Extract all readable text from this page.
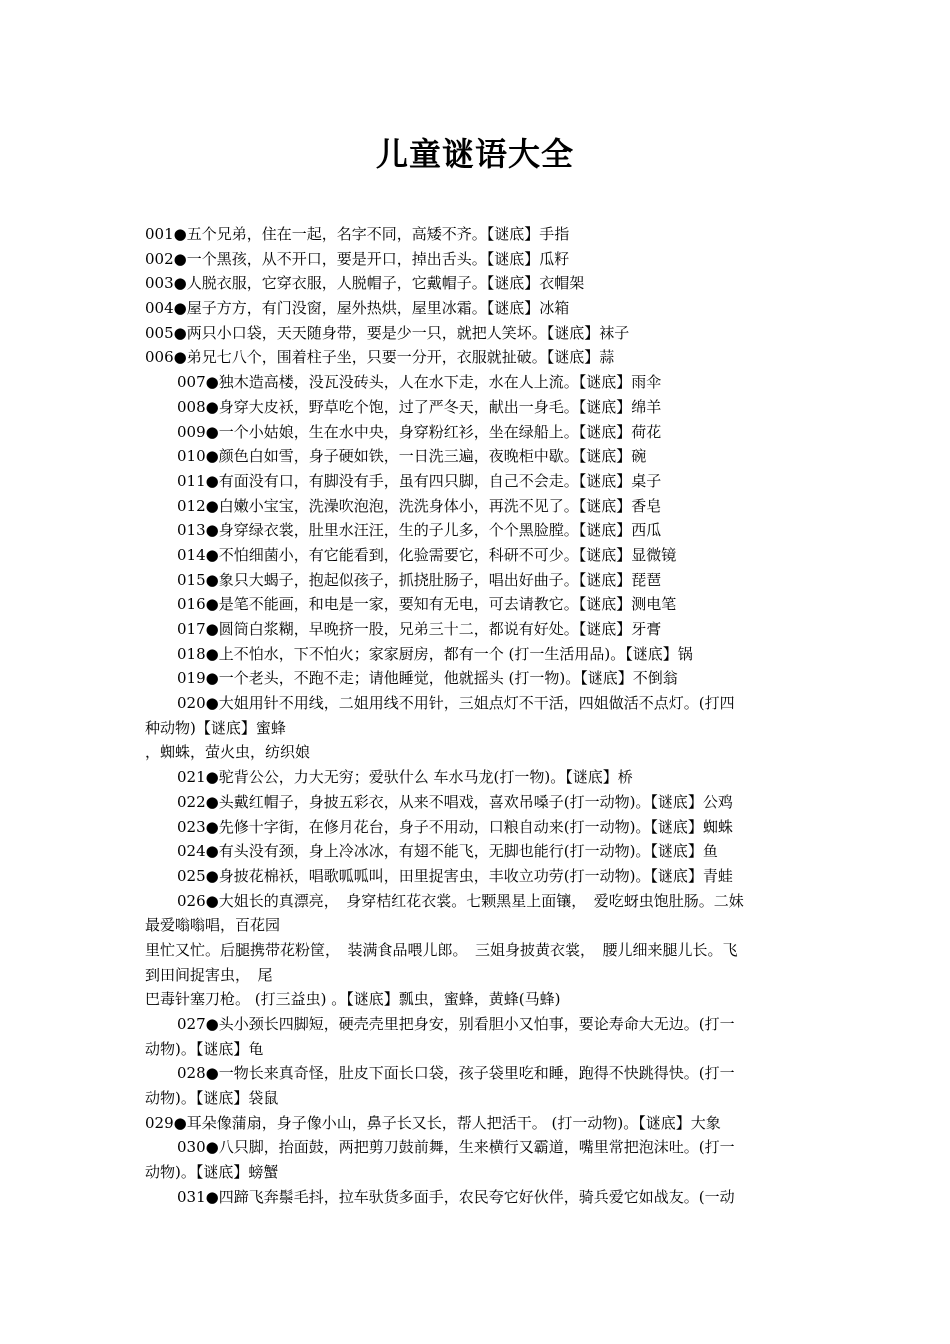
儿童谜语大全
001●五个兄弟，住在一起，名字不同，高矮不齐。【谜底】手指
002●一个黑孩，从不开口，要是开口，掉出舌头。【谜底】瓜籽
003●人脱衣服，它穿衣服，人脱帽子，它戴帽子。【谜底】衣帽架
004●屋子方方，有门没窗，屋外热烘，屋里冰霜。【谜底】冰箱
005●两只小口袋，天天随身带，要是少一只，就把人笑坏。【谜底】袜子
006●弟兄七八个，围着柱子坐，只要一分开，衣服就扯破。【谜底】蒜
007●独木造高楼，没瓦没砖头，人在水下走，水在人上流。【谜底】雨伞
008●身穿大皮袄，野草吃个饱，过了严冬天，献出一身毛。【谜底】绵羊
009●一个小姑娘，生在水中央，身穿粉红衫，坐在绿船上。【谜底】荷花
010●颜色白如雪，身子硬如铁，一日洗三遍，夜晚柜中歇。【谜底】碗
011●有面没有口，有脚没有手，虽有四只脚，自己不会走。【谜底】桌子
012●白嫩小宝宝，洗澡吹泡泡，洗洗身体小，再洗不见了。【谜底】香皂
013●身穿绿衣裳，肚里水汪汪，生的子儿多，个个黑脸膛。【谜底】西瓜
014●不怕细菌小，有它能看到，化验需要它，科研不可少。【谜底】显微镜
015●象只大蝎子，抱起似孩子，抓挠肚肠子，唱出好曲子。【谜底】琵琶
016●是笔不能画，和电是一家，要知有无电，可去请教它。【谜底】测电笔
017●圆筒白浆糊，早晚挤一股，兄弟三十二，都说有好处。【谜底】牙膏
018●上不怕水，下不怕火；家家厨房，都有一个 (打一生活用品)。【谜底】锅
019●一个老头，不跑不走；请他睡觉，他就摇头 (打一物)。【谜底】不倒翁
020●大姐用针不用线，二姐用线不用针，三姐点灯不干活，四姐做活不点灯。(打四
种动物)【谜底】蜜蜂
，蜘蛛，萤火虫，纺织娘
021●驼背公公，力大无穷；爱驮什么 车水马龙(打一物)。【谜底】桥
022●头戴红帽子，身披五彩衣，从来不唱戏，喜欢吊嗓子(打一动物)。【谜底】公鸡
023●先修十字街，在修月花台，身子不用动，口粮自动来(打一动物)。【谜底】蜘蛛
024●有头没有颈，身上冷冰冰，有翅不能飞，无脚也能行(打一动物)。【谜底】鱼
025●身披花棉袄，唱歌呱呱叫，田里捉害虫，丰收立功劳(打一动物)。【谜底】青蛙
026●大姐长的真漂亮，　身穿桔红花衣裳。七颗黑星上面镶，　爱吃蚜虫饱肚肠。二妹
最爱嗡嗡唱，百花园
里忙又忙。后腿携带花粉筐，　装满食品喂儿郎。　三姐身披黄衣裳，　腰儿细来腿儿长。飞
到田间捉害虫，　尾
巴毒针塞刀枪。 (打三益虫) 。【谜底】瓢虫，蜜蜂，黄蜂(马蜂)
027●头小颈长四脚短，硬壳壳里把身安，别看胆小又怕事，要论寿命大无边。(打一
动物)。【谜底】龟
028●一物长来真奇怪，肚皮下面长口袋，孩子袋里吃和睡，跑得不快跳得快。(打一
动物)。【谜底】袋鼠
029●耳朵像蒲扇，身子像小山，鼻子长又长，帮人把活干。 (打一动物)。【谜底】大象
030●八只脚，抬面鼓，两把剪刀鼓前舞，生来横行又霸道，嘴里常把泡沫吐。(打一
动物)。【谜底】螃蟹
031●四蹄飞奔鬃毛抖，拉车驮货多面手，农民夸它好伙伴，骑兵爱它如战友。(一动
